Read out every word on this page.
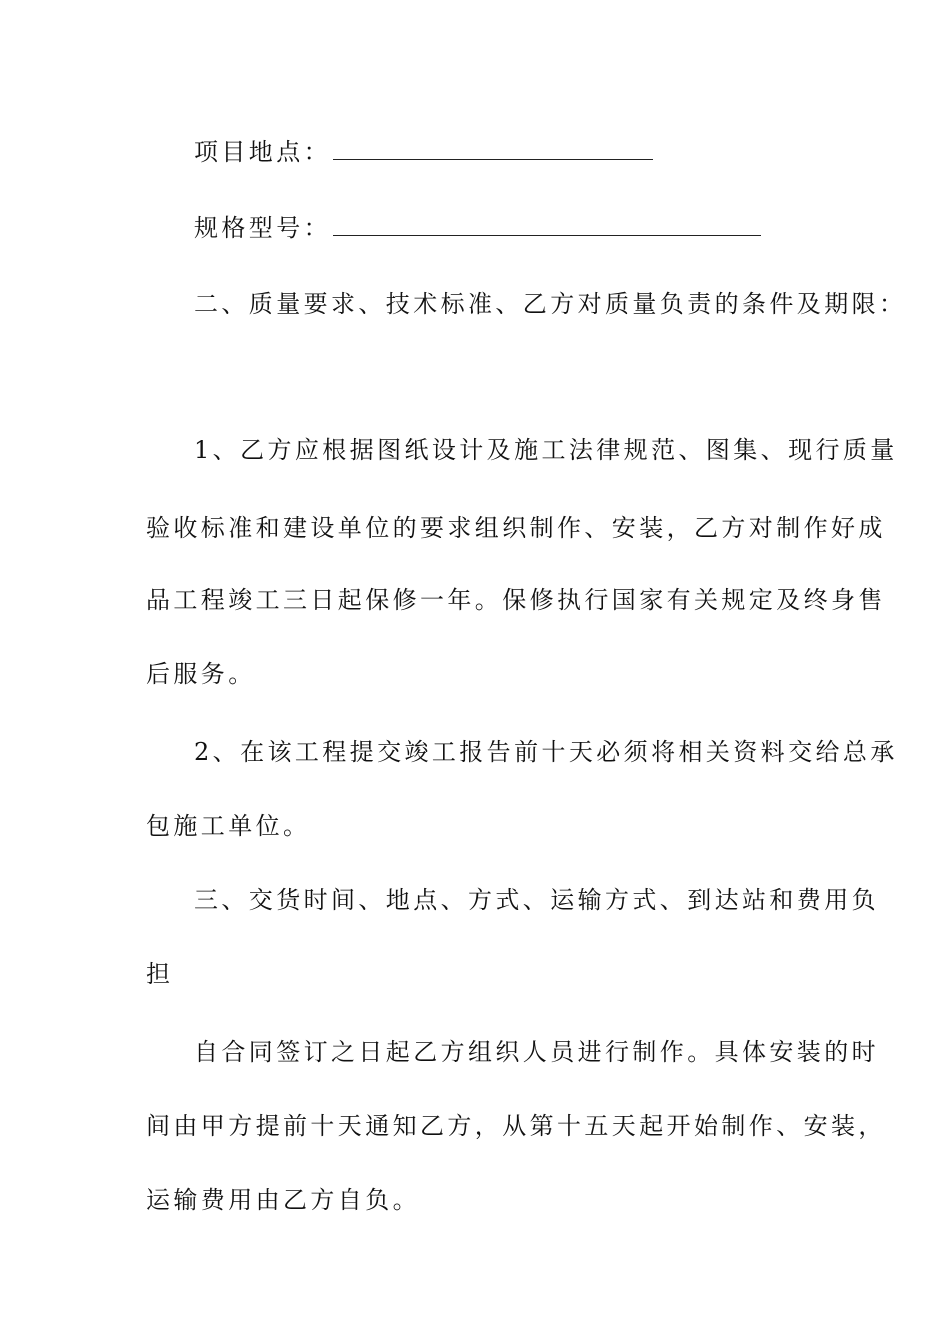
项目地点：
规格型号：
二、质量要求、技术标准、乙方对质量负责的条件及期限：
1、乙方应根据图纸设计及施工法律规范、图集、现行质量
验收标准和建设单位的要求组织制作、安装，乙方对制作好成
品工程竣工三日起保修一年。保修执行国家有关规定及终身售
后服务。
2、在该工程提交竣工报告前十天必须将相关资料交给总承
包施工单位。
三、交货时间、地点、方式、运输方式、到达站和费用负
担
自合同签订之日起乙方组织人员进行制作。具体安装的时
间由甲方提前十天通知乙方，从第十五天起开始制作、安装，
运输费用由乙方自负。
